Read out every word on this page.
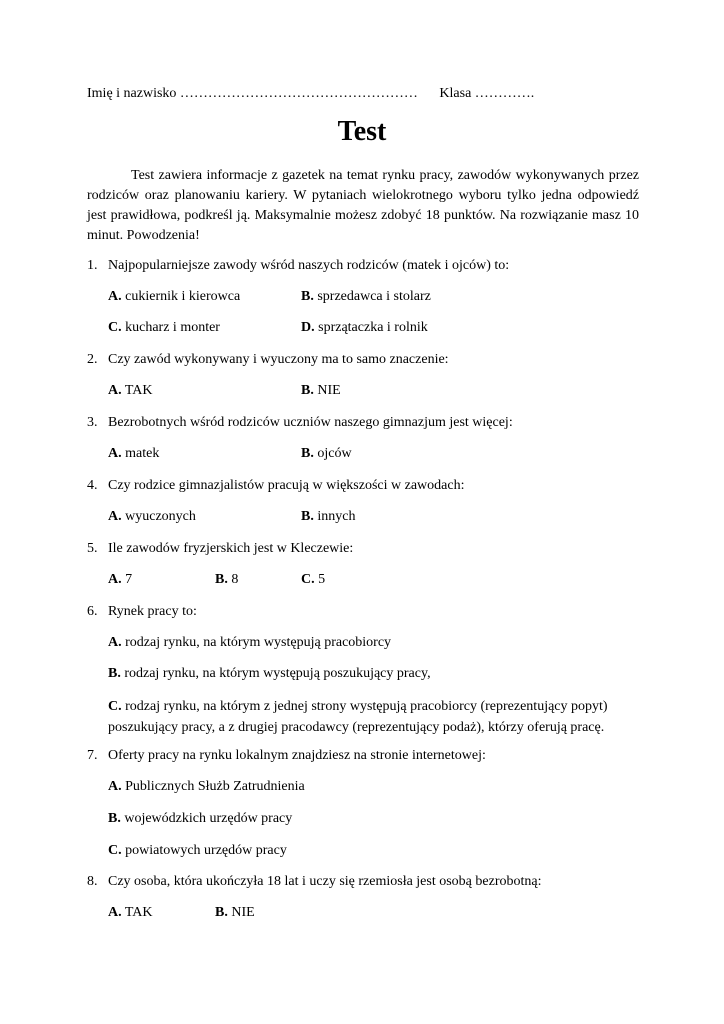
Imię i nazwisko …………………………………………… Klasa ………….
Test
Test zawiera informacje z gazetek na temat rynku pracy, zawodów wykonywanych przez rodziców oraz planowaniu kariery. W pytaniach wielokrotnego wyboru tylko jedna odpowiedź jest prawidłowa, podkreśl ją. Maksymalnie możesz zdobyć 18 punktów. Na rozwiązanie masz 10 minut. Powodzenia!
1. Najpopularniejsze zawody wśród naszych rodziców (matek i ojców) to:
A. cukiernik i kierowca	B. sprzedawca i stolarz
C. kucharz i monter	D. sprzątaczka i rolnik
2. Czy zawód wykonywany i wyuczony ma to samo znaczenie:
A. TAK	B. NIE
3. Bezrobotnych wśród rodziców uczniów naszego gimnazjum jest więcej:
A. matek	B. ojców
4. Czy rodzice gimnazjalistów pracują w większości w zawodach:
A. wyuczonych	B. innych
5. Ile zawodów fryzjerskich jest w Kleczewie:
A. 7	B. 8	C. 5
6. Rynek pracy to:
A. rodzaj rynku, na którym występują pracobiorcy
B. rodzaj rynku, na którym występują poszukujący pracy,
C. rodzaj rynku, na którym z jednej strony występują pracobiorcy (reprezentujący popyt) poszukujący pracy, a z drugiej pracodawcy (reprezentujący podaż), którzy oferują pracę.
7. Oferty pracy na rynku lokalnym znajdziesz na stronie internetowej:
A. Publicznych Służb Zatrudnienia
B. wojewódzkich urzędów pracy
C. powiatowych urzędów pracy
8. Czy osoba, która ukończyła 18 lat i uczy się rzemiosła jest osobą bezrobotną:
A. TAK	B. NIE
